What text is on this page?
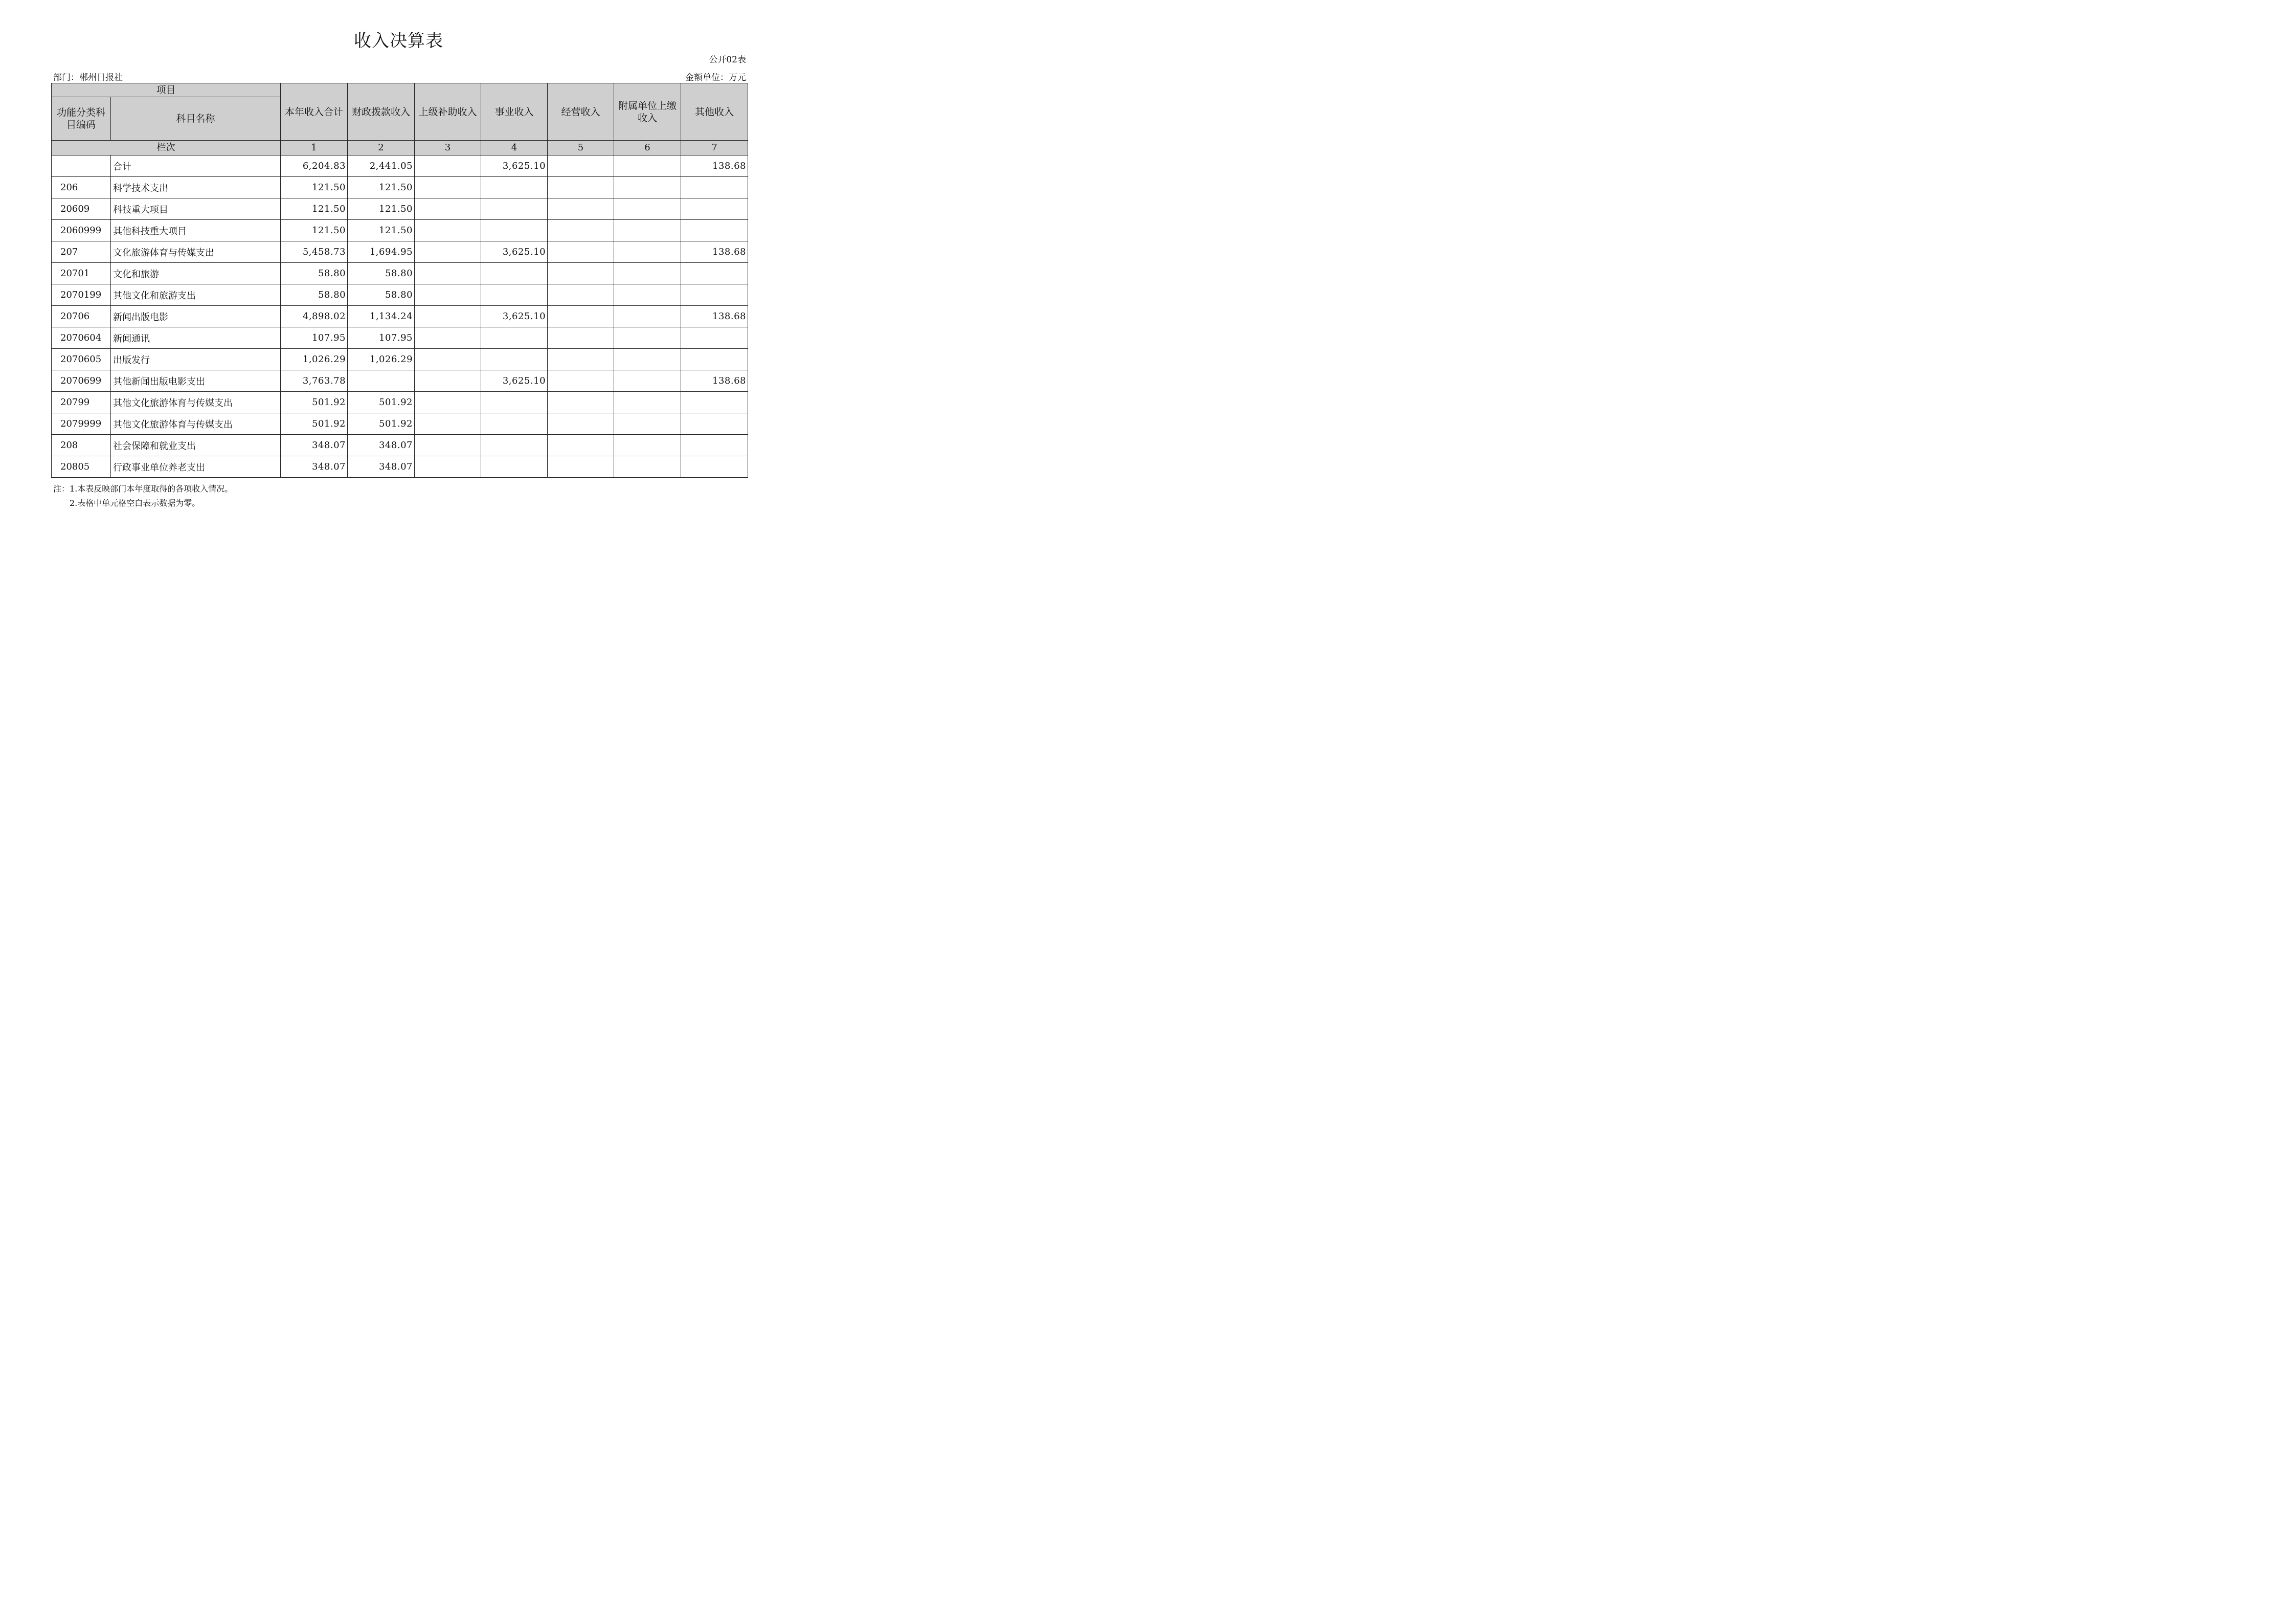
收入决算表
公开02表
部门：郴州日报社	金额单位：万元
项目		本年收入合计	财政拨款收入	上级补助收入	事业收入	经营收入	附属单位上缴收入	其他收入
功能分类科目编码	科目名称							
栏次		1	2	3	4	5	6	7
	合计	6,204.83	2,441.05		3,625.10			138.68
206	科学技术支出	121.50	121.50					
20609	科技重大项目	121.50	121.50					
2060999	其他科技重大项目	121.50	121.50					
207	文化旅游体育与传媒支出	5,458.73	1,694.95		3,625.10			138.68
20701	文化和旅游	58.80	58.80					
2070199	其他文化和旅游支出	58.80	58.80					
20706	新闻出版电影	4,898.02	1,134.24		3,625.10			138.68
2070604	新闻通讯	107.95	107.95					
2070605	出版发行	1,026.29	1,026.29					
2070699	其他新闻出版电影支出	3,763.78			3,625.10			138.68
20799	其他文化旅游体育与传媒支出	501.92	501.92					
2079999	其他文化旅游体育与传媒支出	501.92	501.92					
208	社会保障和就业支出	348.07	348.07					
20805	行政事业单位养老支出	348.07	348.07					
注：1.本表反映部门本年度取得的各项收入情况。
2.表格中单元格空白表示数据为零。
